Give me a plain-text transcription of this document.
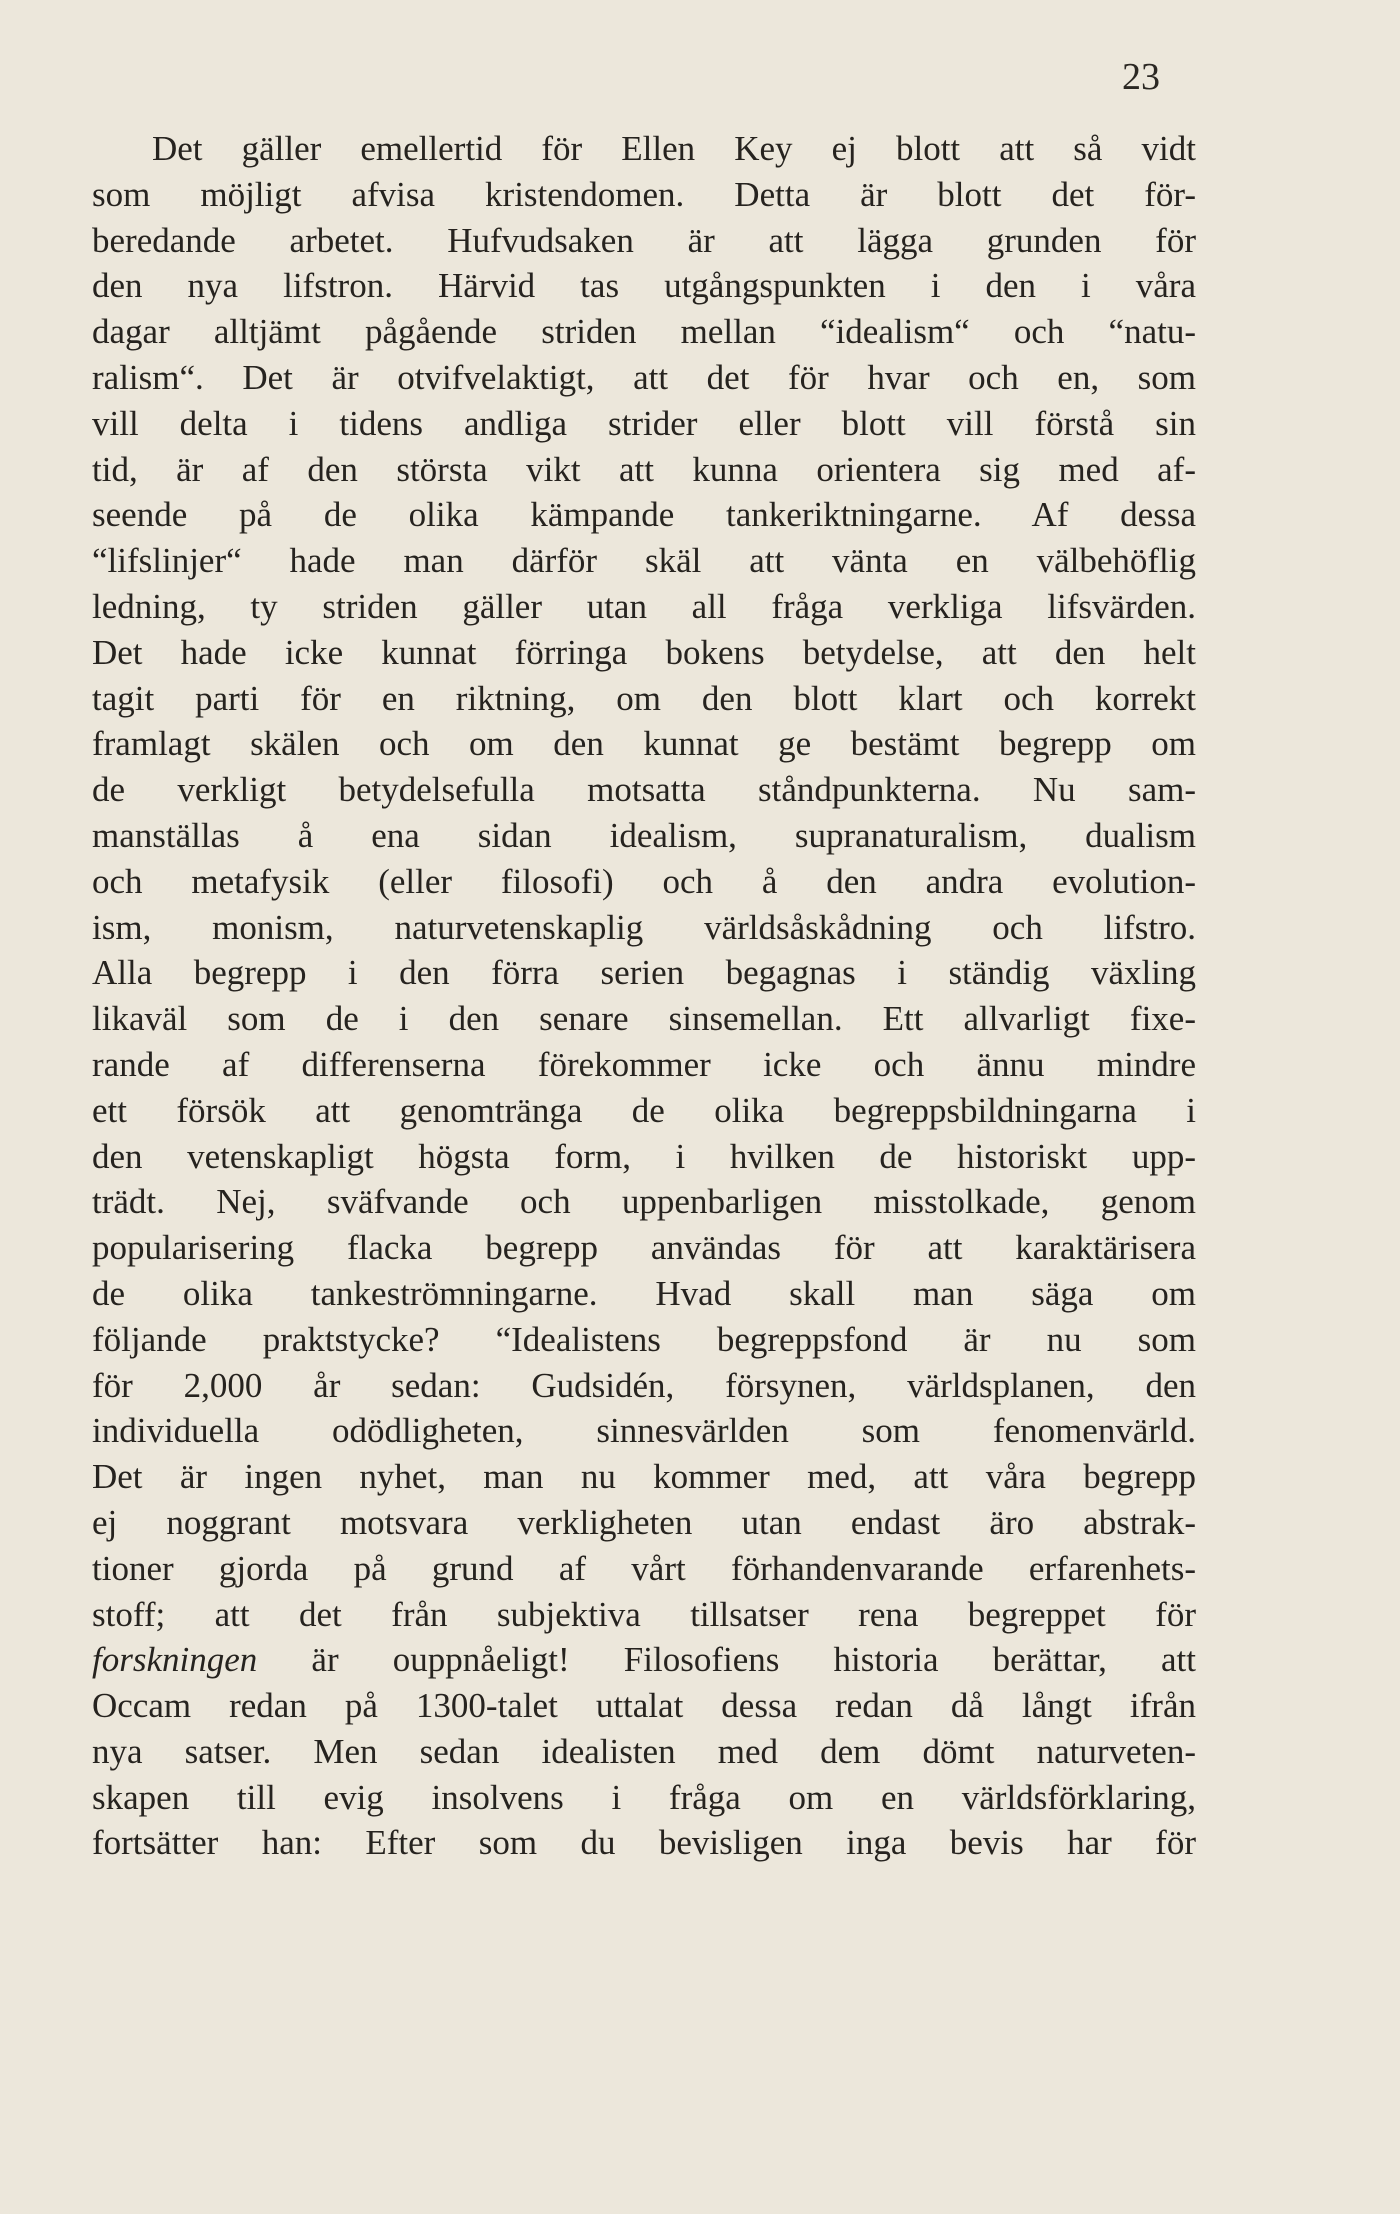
23
Det gäller emellertid för Ellen Key ej blott att så vidt
som möjligt afvisa kristendomen. Detta är blott det för-
beredande arbetet. Hufvudsaken är att lägga grunden för
den nya lifstron. Härvid tas utgångspunkten i den i våra
dagar alltjämt pågående striden mellan “idealism“ och “natu-
ralism“. Det är otvifvelaktigt, att det för hvar och en, som
vill delta i tidens andliga strider eller blott vill förstå sin
tid, är af den största vikt att kunna orientera sig med af-
seende på de olika kämpande tankeriktningarne. Af dessa
“lifslinjer“ hade man därför skäl att vänta en välbehöflig
ledning, ty striden gäller utan all fråga verkliga lifsvärden.
Det hade icke kunnat förringa bokens betydelse, att den helt
tagit parti för en riktning, om den blott klart och korrekt
framlagt skälen och om den kunnat ge bestämt begrepp om
de verkligt betydelsefulla motsatta ståndpunkterna. Nu sam-
manställas å ena sidan idealism, supranaturalism, dualism
och metafysik (eller filosofi) och å den andra evolution-
ism, monism, naturvetenskaplig världsåskådning och lifstro.
Alla begrepp i den förra serien begagnas i ständig växling
likaväl som de i den senare sinsemellan. Ett allvarligt fixe-
rande af differenserna förekommer icke och ännu mindre
ett försök att genomtränga de olika begreppsbildningarna i
den vetenskapligt högsta form, i hvilken de historiskt upp-
trädt. Nej, sväfvande och uppenbarligen misstolkade, genom
popularisering flacka begrepp användas för att karaktärisera
de olika tankeströmningarne. Hvad skall man säga om
följande praktstycke? “Idealistens begreppsfond är nu som
för 2,000 år sedan: Gudsidén, försynen, världsplanen, den
individuella odödligheten, sinnesvärlden som fenomenvärld.
Det är ingen nyhet, man nu kommer med, att våra begrepp
ej noggrant motsvara verkligheten utan endast äro abstrak-
tioner gjorda på grund af vårt förhandenvarande erfarenhets-
stoff; att det från subjektiva tillsatser rena begreppet för
forskningen är ouppnåeligt! Filosofiens historia berättar, att
Occam redan på 1300-talet uttalat dessa redan då långt ifrån
nya satser. Men sedan idealisten med dem dömt naturveten-
skapen till evig insolvens i fråga om en världsförklaring,
fortsätter han: Efter som du bevisligen inga bevis har för
